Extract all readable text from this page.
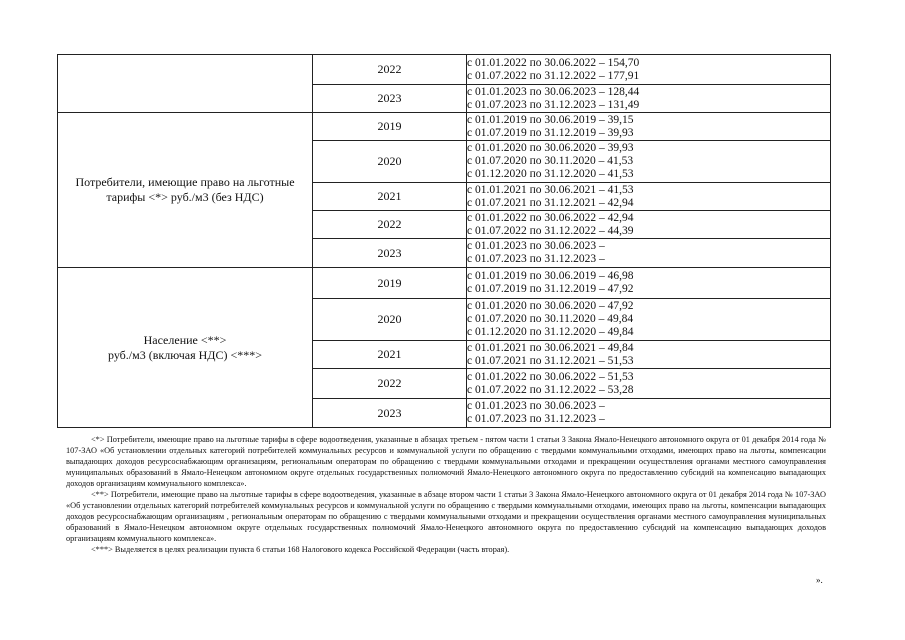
	2022	с 01.01.2022 по 30.06.2022 – 154,70
с 01.07.2022 по 31.12.2022 – 177,91

	2023	с 01.01.2023 по 30.06.2023 – 128,44
с 01.07.2023 по 31.12.2023 – 131,49

Потребители, имеющие право на льготные тарифы <*> руб./м3 (без НДС)	2019	с 01.01.2019 по 30.06.2019 – 39,15
с 01.07.2019 по 31.12.2019 – 39,93

	2020	с 01.01.2020 по 30.06.2020 – 39,93
с 01.07.2020 по 30.11.2020 – 41,53
с 01.12.2020 по 31.12.2020 – 41,53

	2021	с 01.01.2021 по 30.06.2021 – 41,53
с 01.07.2021 по 31.12.2021 – 42,94

	2022	с 01.01.2022 по 30.06.2022 – 42,94
с 01.07.2022 по 31.12.2022 – 44,39

	2023	с 01.01.2023 по 30.06.2023 –
с 01.07.2023 по 31.12.2023 –

Население <**>
руб./м3 (включая НДС) <***>	2019	с 01.01.2019 по 30.06.2019 – 46,98
с 01.07.2019 по 31.12.2019 – 47,92

	2020	с 01.01.2020 по 30.06.2020 – 47,92
с 01.07.2020 по 30.11.2020 – 49,84
с 01.12.2020 по 31.12.2020 – 49,84

	2021	с 01.01.2021 по 30.06.2021 – 49,84
с 01.07.2021 по 31.12.2021 – 51,53

	2022	с 01.01.2022 по 30.06.2022 – 51,53
с 01.07.2022 по 31.12.2022 – 53,28

	2023	с 01.01.2023 по 30.06.2023 –
с 01.07.2023 по 31.12.2023 –

<*> Потребители, имеющие право на льготные тарифы в сфере водоотведения, указанные в абзацах третьем - пятом части 1 статьи 3 Закона Ямало-Ненецкого автономного округа от 01 декабря 2014 года № 107-ЗАО «Об установлении отдельных категорий потребителей коммунальных ресурсов и коммунальной услуги по обращению с твердыми коммунальными отходами, имеющих право на льготы, компенсации выпадающих доходов ресурсоснабжающим организациям, региональным операторам по обращению с твердыми коммунальными отходами и прекращении осуществления органами местного самоуправления муниципальных образований в Ямало-Ненецком автономном округе отдельных государственных полномочий Ямало-Ненецкого автономного округа по предоставлению субсидий на компенсацию выпадающих доходов организациям коммунального комплекса».

<**> Потребители, имеющие право на льготные тарифы в сфере водоотведения, указанные в абзаце втором части 1 статьи 3 Закона Ямало-Ненецкого автономного округа от 01 декабря 2014 года № 107-ЗАО «Об установлении отдельных категорий потребителей коммунальных ресурсов и коммунальной услуги по обращению с твердыми коммунальными отходами, имеющих право на льготы, компенсации выпадающих доходов ресурсоснабжающим организациям , региональным операторам по обращению с твердыми коммунальными отходами и прекращении осуществления органами местного самоуправления муниципальных образований в Ямало-Ненецком автономном округе отдельных государственных полномочий Ямало-Ненецкого автономного округа по предоставлению субсидий на компенсацию выпадающих доходов организациям коммунального комплекса».

<***> Выделяется в целях реализации пункта 6 статьи 168 Налогового кодекса Российской Федерации (часть вторая).

».
